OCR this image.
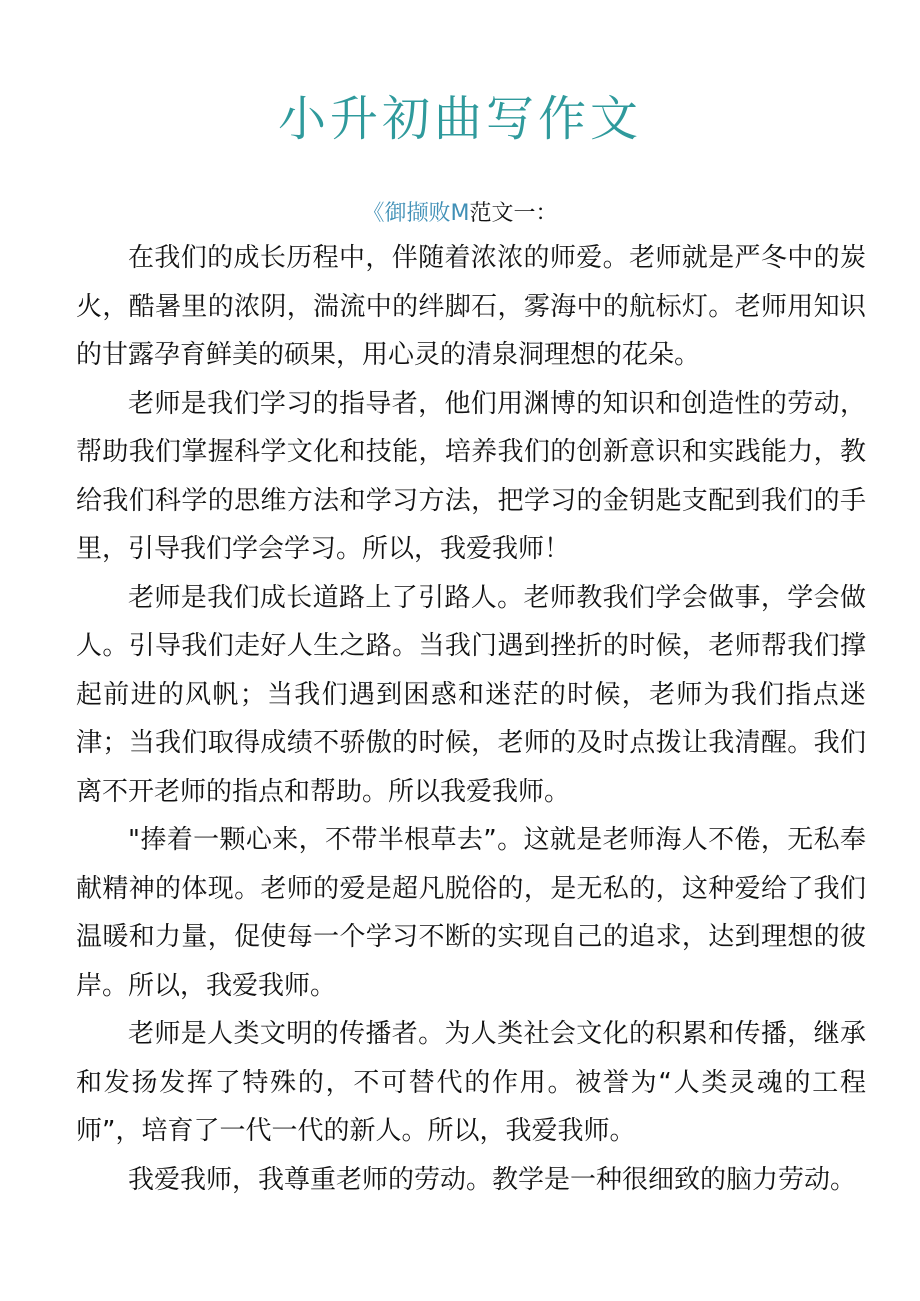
小升初曲写作文
《御撷败M范文一：

在我们的成长历程中，伴随着浓浓的师爱。老师就是严冬中的炭火，酷暑里的浓阴，湍流中的绊脚石，雾海中的航标灯。老师用知识的甘露孕育鲜美的硕果，用心灵的清泉洞理想的花朵。

老师是我们学习的指导者，他们用渊博的知识和创造性的劳动，帮助我们掌握科学文化和技能，培养我们的创新意识和实践能力，教给我们科学的思维方法和学习方法，把学习的金钥匙支配到我们的手里，引导我们学会学习。所以，我爱我师！

老师是我们成长道路上了引路人。老师教我们学会做事，学会做人。引导我们走好人生之路。当我门遇到挫折的时候，老师帮我们撑起前进的风帆；当我们遇到困惑和迷茫的时候，老师为我们指点迷津；当我们取得成绩不骄傲的时候，老师的及时点拨让我清醒。我们离不开老师的指点和帮助。所以我爱我师。

"捧着一颗心来，不带半根草去”。这就是老师海人不倦，无私奉献精神的体现。老师的爱是超凡脱俗的，是无私的，这种爱给了我们温暖和力量，促使每一个学习不断的实现自己的追求，达到理想的彼岸。所以，我爱我师。

老师是人类文明的传播者。为人类社会文化的积累和传播，继承和发扬发挥了特殊的，不可替代的作用。被誉为“人类灵魂的工程师”，培育了一代一代的新人。所以，我爱我师。

我爱我师，我尊重老师的劳动。教学是一种很细致的脑力劳动。
